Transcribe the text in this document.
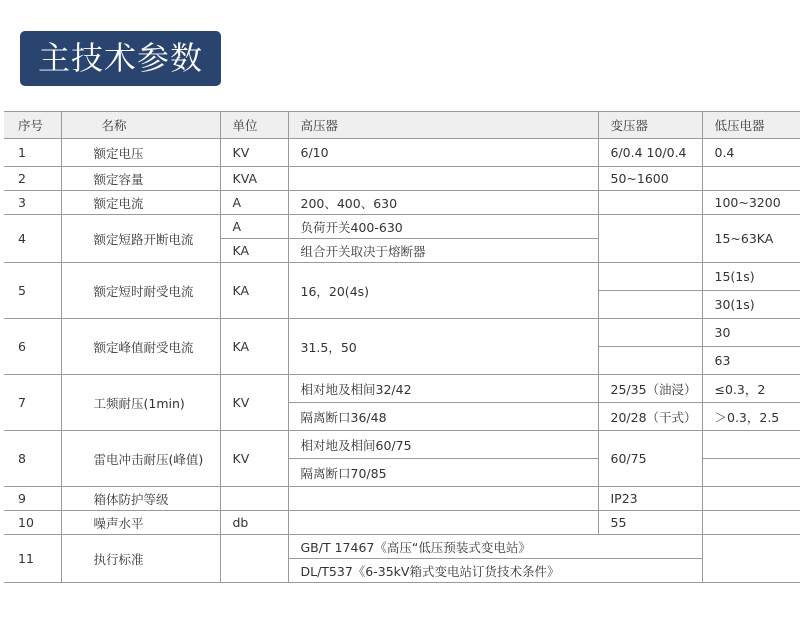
主技术参数
序号	名称	单位	高压器	变压器	低压电器
1	额定电压	KV	6/10	6/0.4 10/0.4	0.4
2	额定容量	KVA		50~1600	
3	额定电流	A	200、400、630		100~3200
4	额定短路开断电流	A	负荷开关400-630		15~63KA
		KA	组合开关取决于熔断器		
5	额定短时耐受电流	KA	16，20(4s)		15(1s)
					30(1s)
6	额定峰值耐受电流	KA	31.5，50		30
					63
7	工频耐压(1min)	KV	相对地及相间32/42	25/35（油浸）	≤0.3，2
			隔离断口36/48	20/28（干式）	＞0.3，2.5
8	雷电冲击耐压(峰值)	KV	相对地及相间60/75	60/75	
			隔离断口70/85		
9	箱体防护等级			IP23	
10	噪声水平	db		55	
11	执行标准		GB/T 17467《高压“低压预装式变电站》		
			DL/T537《6-35kV箱式变电站订货技术条件》		
